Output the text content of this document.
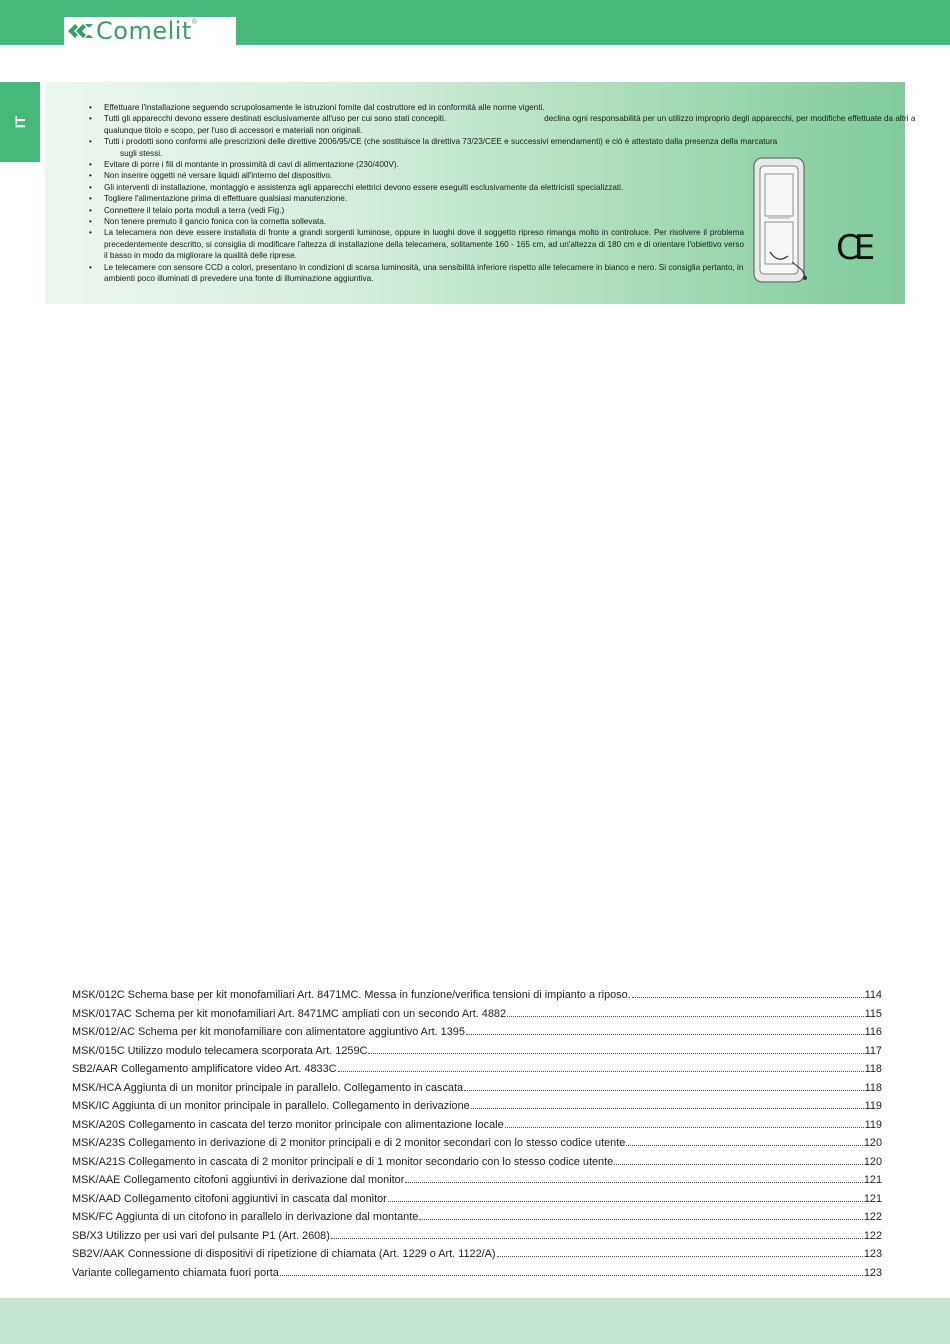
Comelit ®
IT
• Effettuare l'installazione seguendo scrupolosamente le istruzioni fornite dal costruttore ed in conformità alle norme vigenti.
• Tutti gli apparecchi devono essere destinati esclusivamente all'uso per cui sono stati concepiti.	declina ogni responsabilità per un utilizzo improprio degli apparecchi, per modifiche effettuate da altri a qualunque titolo e scopo, per l'uso di accessori e materiali non originali.
• Tutti i prodotti sono conformi alle prescrizioni delle direttive 2006/95/CE (che sostituisce la direttiva 73/23/CEE e successivi emendamenti) e ciò è attestato dalla presenza della marcatura
sugli stessi.
• Evitare di porre i fili di montante in prossimità di cavi di alimentazione (230/400V).
• Non inserire oggetti né versare liquidi all'interno del dispositivo.
• Gli interventi di installazione, montaggio e assistenza agli apparecchi elettrici devono essere eseguiti esclusivamente da elettricisti specializzati.
• Togliere l'alimentazione prima di effettuare qualsiasi manutenzione.
• Connettere il telaio porta moduli a terra (vedi Fig.)
• Non tenere premuto il gancio fonica con la cornetta sollevata.
• La telecamera non deve essere installata di fronte a grandi sorgenti luminose, oppure in luoghi dove il soggetto ripreso rimanga molto in controluce. Per risolvere il problema precedentemente descritto, si consiglia di modificare l'altezza di installazione della telecamera, solitamente 160 - 165 cm, ad un'altezza di 180 cm e di orientare l'obiettivo verso il basso in modo da migliorare la qualità delle riprese.
• Le telecamere con sensore CCD a colori, presentano in condizioni di scarsa luminosità, una sensibilità inferiore rispetto alle telecamere in bianco e nero. Si consiglia pertanto, in ambienti poco illuminati di prevedere una fonte di illuminazione aggiuntiva.
CE
MSK/012C Schema base per kit monofamiliari Art. 8471MC. Messa in funzione/verifica tensioni di impianto a riposo.	114
MSK/017AC Schema per kit monofamiliari Art. 8471MC ampliati con un secondo Art. 4882	115
MSK/012/AC Schema per kit monofamiliare con alimentatore aggiuntivo Art. 1395	116
MSK/015C Utilizzo modulo telecamera scorporata Art. 1259C	117
SB2/AAR Collegamento amplificatore video Art. 4833C	118
MSK/HCA Aggiunta di un monitor principale in parallelo. Collegamento in cascata	118
MSK/IC Aggiunta di un monitor principale in parallelo. Collegamento in derivazione	119
MSK/A20S Collegamento in cascata del terzo monitor principale con alimentazione locale	119
MSK/A23S Collegamento in derivazione di 2 monitor principali e di 2 monitor secondari con lo stesso codice utente	120
MSK/A21S Collegamento in cascata di 2 monitor principali e di 1 monitor secondario con lo stesso codice utente	120
MSK/AAE Collegamento citofoni aggiuntivi in derivazione dal monitor	121
MSK/AAD Collegamento citofoni aggiuntivi in cascata dal monitor	121
MSK/FC Aggiunta di un citofono in parallelo in derivazione dal montante	122
SB/X3 Utilizzo per usi vari del pulsante P1 (Art. 2608)	122
SB2V/AAK Connessione di dispositivi di ripetizione di chiamata (Art. 1229 o Art. 1122/A)	123
Variante collegamento chiamata fuori porta	123
